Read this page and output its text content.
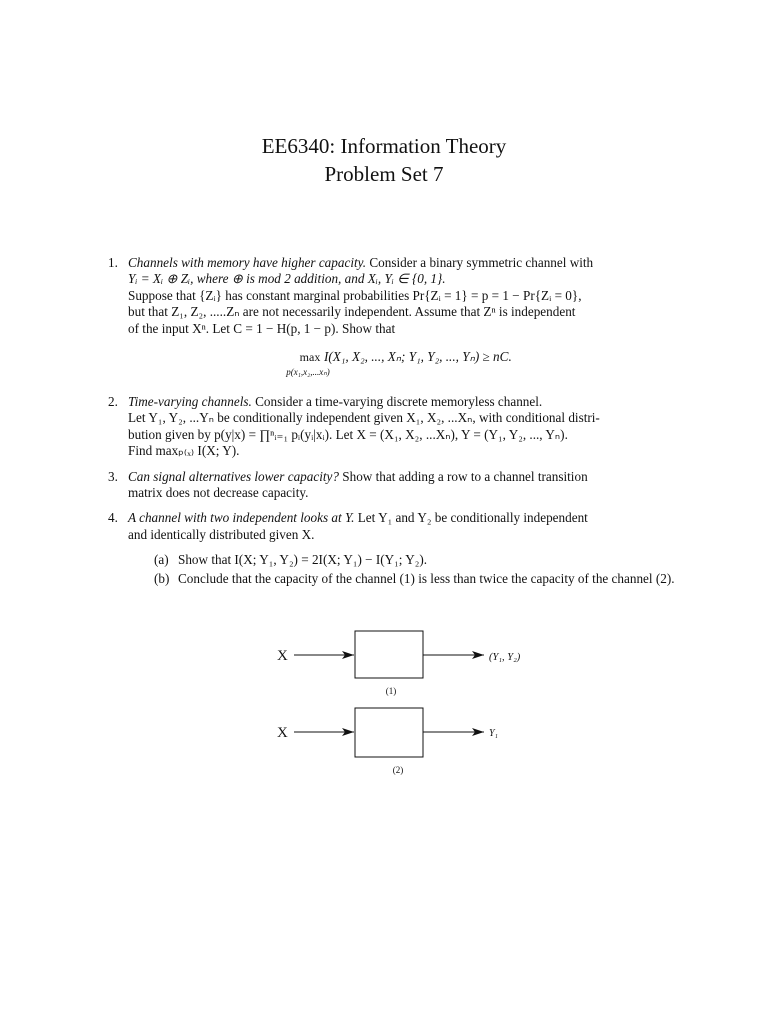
EE6340: Information Theory
Problem Set 7
1. Channels with memory have higher capacity. Consider a binary symmetric channel with
Yᵢ = Xᵢ ⊕ Zᵢ, where ⊕ is mod 2 addition, and Xᵢ, Yᵢ ∈ {0, 1}.
Suppose that {Zᵢ} has constant marginal probabilities Pr{Zᵢ = 1} = p = 1 − Pr{Zᵢ = 0},
but that Z₁, Z₂, .....Zₙ are not necessarily independent. Assume that Zⁿ is independent
of the input Xⁿ. Let C = 1 − H(p, 1 − p). Show that
max
p(x₁,x₂,...xₙ)
I(X₁, X₂, ..., Xₙ; Y₁, Y₂, ..., Yₙ) ≥ nC.
2. Time-varying channels. Consider a time-varying discrete memoryless channel.
Let Y₁, Y₂, ...Yₙ be conditionally independent given X₁, X₂, ...Xₙ, with conditional distri-
bution given by p(y|x) = ∏ⁿᵢ₌₁ pᵢ(yᵢ|xᵢ). Let X = (X₁, X₂, ...Xₙ), Y = (Y₁, Y₂, ..., Yₙ).
Find maxₚ₍ₓ₎ I(X; Y).
3. Can signal alternatives lower capacity? Show that adding a row to a channel transition
matrix does not decrease capacity.
4. A channel with two independent looks at Y. Let Y₁ and Y₂ be conditionally independent
and identically distributed given X.
(a) Show that I(X; Y₁, Y₂) = 2I(X; Y₁) − I(Y₁; Y₂).
(b) Conclude that the capacity of the channel (1) is less than twice the capacity of the channel (2).
X	(Y₁, Y₂)
(1)
X	Y₁
(2)
